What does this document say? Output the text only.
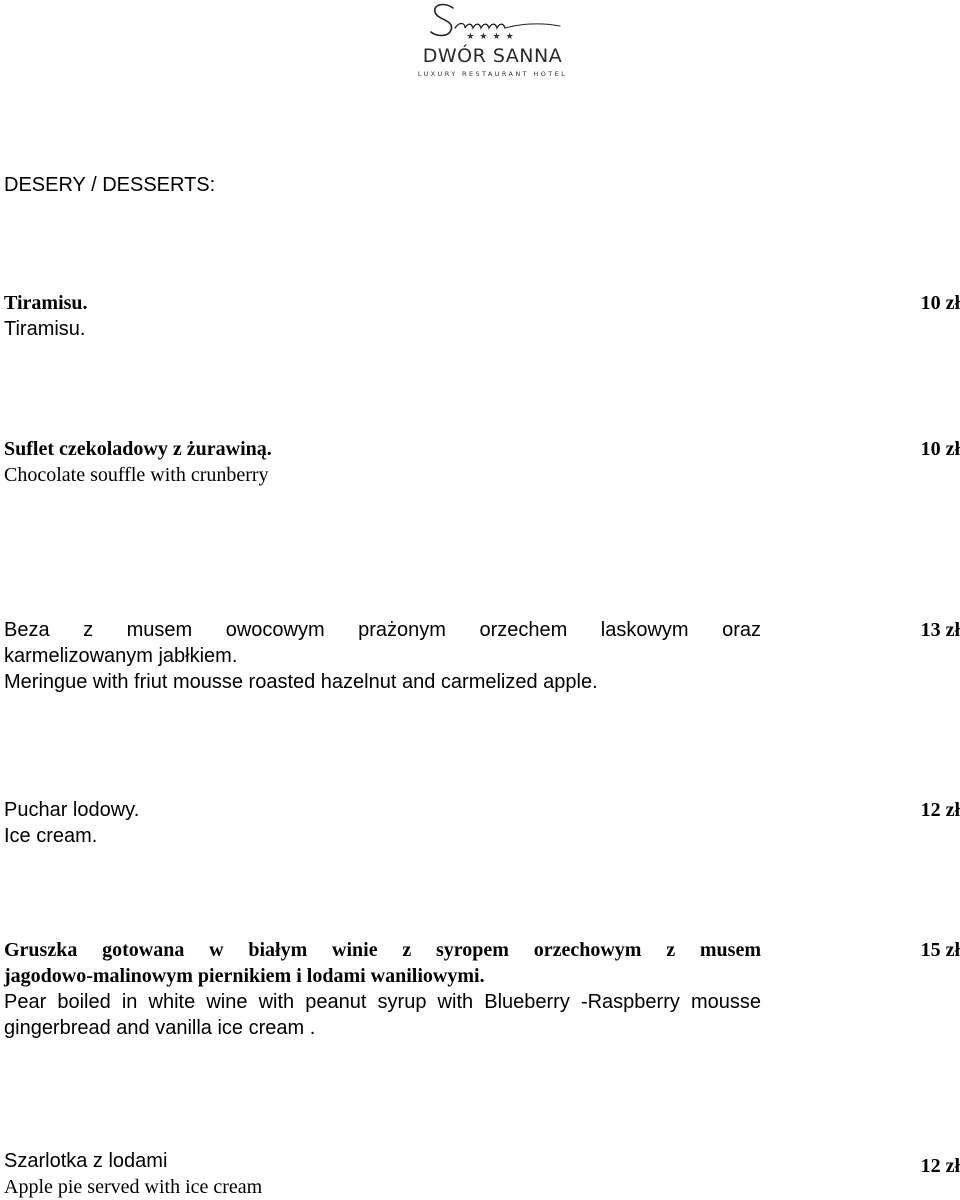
★★★★
DWÓR SANNA
LUXURY RESTAURANT HOTEL
DESERY / DESSERTS:
Tiramisu.
Tiramisu.
10 zł
Suflet czekoladowy z żurawiną.
Chocolate souffle with crunberry
10 zł
Beza z musem owocowym prażonym orzechem laskowym oraz
karmelizowanym jabłkiem.
Meringue with friut mousse roasted hazelnut and carmelized apple.
13 zł
Puchar lodowy.
Ice cream.
12 zł
Gruszka gotowana w białym winie z syropem orzechowym z musem
jagodowo-malinowym piernikiem i lodami waniliowymi.
Pear boiled in white wine with peanut syrup with Blueberry -Raspberry mousse
gingerbread and vanilla ice cream .
15 zł
Szarlotka z lodami
Apple pie served with ice cream
12 zł
